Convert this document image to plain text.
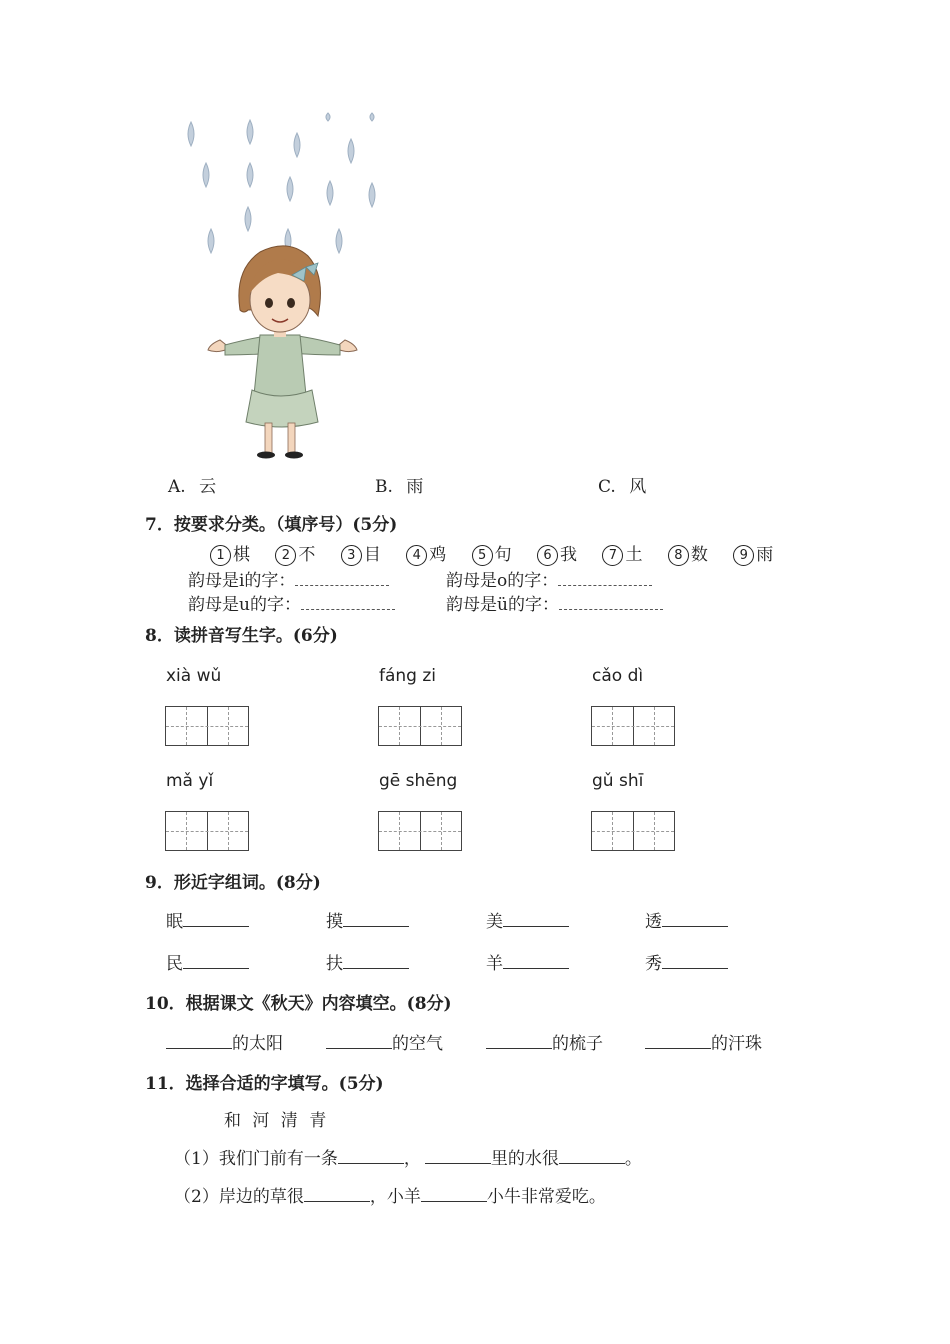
A. 云	B. 雨	C. 风
7．按要求分类。（填序号）(5分)
1 棋 2 不 3 目 4 鸡 5 句 6 我 7 土 8 数 9 雨
韵母是i的字：	韵母是o的字：
韵母是u的字：	韵母是ü的字：
8．读拼音写生字。(6分)
xià wǔ	fáng zi	cǎo dì
mǎ yǐ	gē shēng	gǔ shī
9．形近字组词。(8分)
眠	摸	美	透
民	扶	羊	秀
10．根据课文《秋天》内容填空。(8分)
的太阳	的空气	的梳子	的汗珠
11．选择合适的字填写。(5分)
和 河 清 青
（1）我们门前有一条	，	里的水很	。
（2）岸边的草很	，小羊	小牛非常爱吃。
